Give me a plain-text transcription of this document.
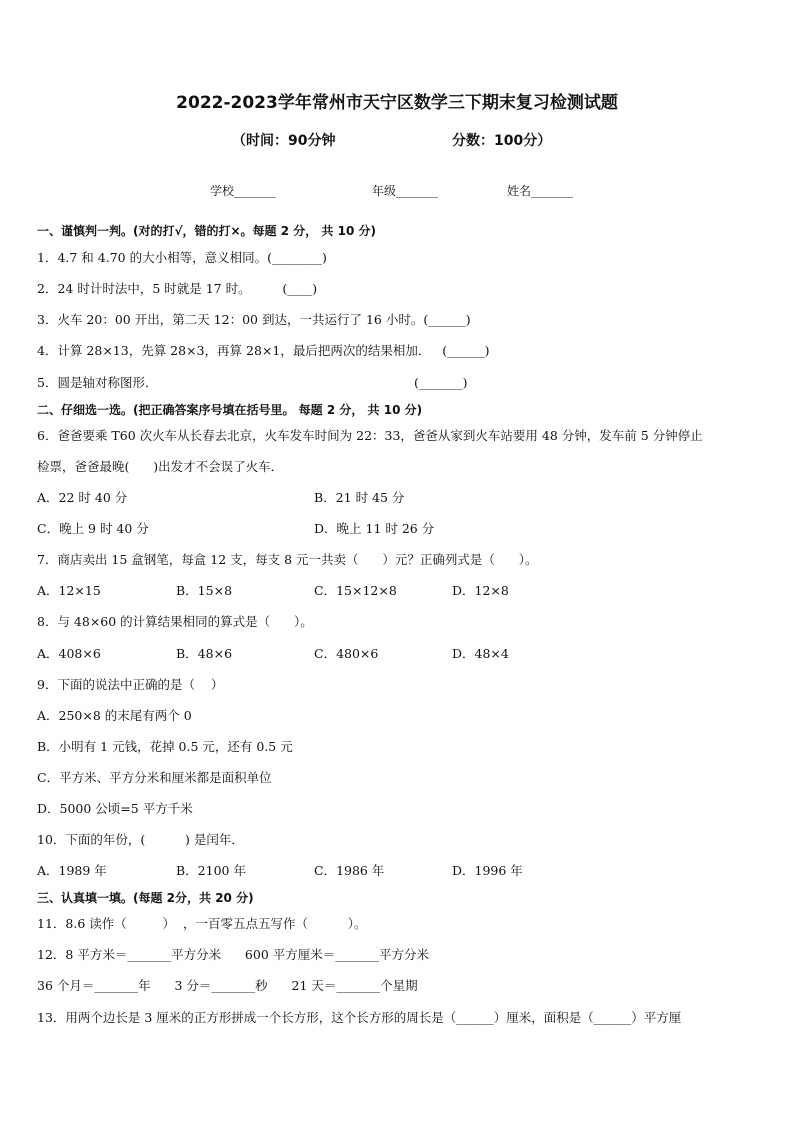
2022-2023学年常州市天宁区数学三下期末复习检测试题
（时间：90分钟	分数：100分）
学校_______	年级_______	姓名_______
一、谨慎判一判。(对的打√，错的打×。每题 2 分， 共 10 分)
1．4.7 和 4.70 的大小相等，意义相同。(________)
2．24 时计时法中，5 时就是 17 时。        (____)
3．火车 20：00 开出，第二天 12：00 到达，一共运行了 16 小时。(______)
4．计算 28×13，先算 28×3，再算 28×1，最后把两次的结果相加．   (______)
5．圆是轴对称图形．	(_______)
二、仔细选一选。(把正确答案序号填在括号里。 每题 2 分， 共 10 分)
6．爸爸要乘 T60 次火车从长春去北京，火车发车时间为 22：33，爸爸从家到火车站要用 48 分钟，发车前 5 分钟停止
检票，爸爸最晚(      )出发才不会误了火车．
A．22 时 40 分	B．21 时 45 分
C．晚上 9 时 40 分	D．晚上 11 时 26 分
7．商店卖出 15 盒钢笔，每盒 12 支，每支 8 元一共卖（      ）元？正确列式是（      ）。
A．12×15	B．15×8	C．15×12×8	D．12×8
8．与 48×60 的计算结果相同的算式是（      ）。
A．408×6	B．48×6	C．480×6	D．48×4
9．下面的说法中正确的是（    ）
A．250×8 的末尾有两个 0
B．小明有 1 元钱，花掉 0.5 元，还有 0.5 元
C．平方米、平方分米和厘米都是面积单位
D．5000 公顷=5 平方千米
10．下面的年份，(          ) 是闰年．
A．1989 年	B．2100 年	C．1986 年	D．1996 年
三、认真填一填。(每题 2分，共 20 分)
11．8.6 读作（         ）  ，一百零五点五写作（          ）。
12．8 平方米＝_______平方分米      600 平方厘米＝_______平方分米
36 个月＝_______年      3 分＝_______秒      21 天＝_______个星期
13．用两个边长是 3 厘米的正方形拼成一个长方形，这个长方形的周长是（______）厘米，面积是（______）平方厘
